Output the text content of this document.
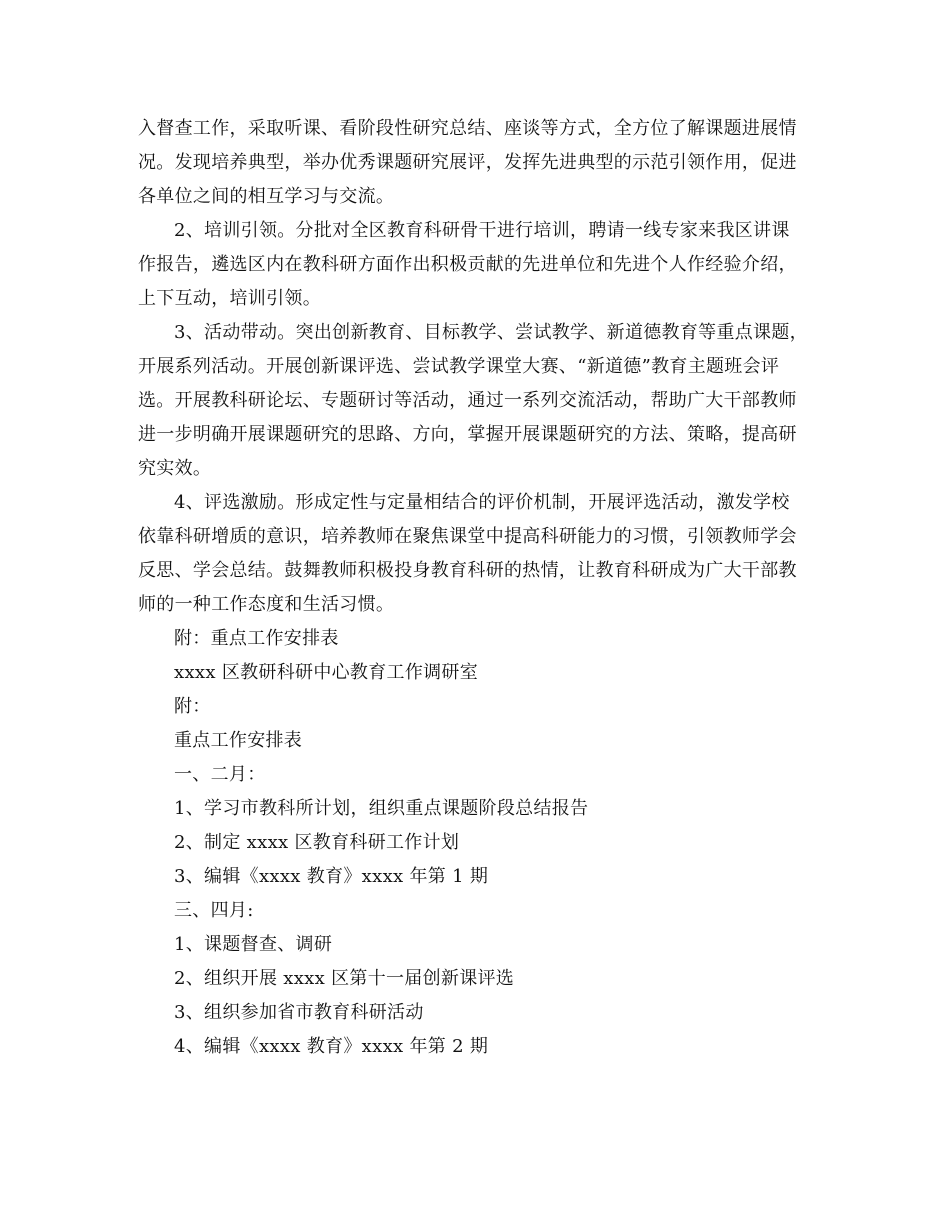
入督查工作，采取听课、看阶段性研究总结、座谈等方式，全方位了解课题进展情
况。发现培养典型，举办优秀课题研究展评，发挥先进典型的示范引领作用，促进
各单位之间的相互学习与交流。
2、培训引领。分批对全区教育科研骨干进行培训，聘请一线专家来我区讲课
作报告，遴选区内在教科研方面作出积极贡献的先进单位和先进个人作经验介绍，
上下互动，培训引领。
3、活动带动。突出创新教育、目标教学、尝试教学、新道德教育等重点课题，
开展系列活动。开展创新课评选、尝试教学课堂大赛、“新道德”教育主题班会评
选。开展教科研论坛、专题研讨等活动，通过一系列交流活动，帮助广大干部教师
进一步明确开展课题研究的思路、方向，掌握开展课题研究的方法、策略，提高研
究实效。
4、评选激励。形成定性与定量相结合的评价机制，开展评选活动，激发学校
依靠科研增质的意识，培养教师在聚焦课堂中提高科研能力的习惯，引领教师学会
反思、学会总结。鼓舞教师积极投身教育科研的热情，让教育科研成为广大干部教
师的一种工作态度和生活习惯。
附：重点工作安排表
xxxx 区教研科研中心教育工作调研室
附：
重点工作安排表
一、二月：
1、学习市教科所计划，组织重点课题阶段总结报告
2、制定 xxxx 区教育科研工作计划
3、编辑《xxxx 教育》xxxx 年第 1 期
三、四月:
1、课题督查、调研
2、组织开展 xxxx 区第十一届创新课评选
3、组织参加省市教育科研活动
4、编辑《xxxx 教育》xxxx 年第 2 期
